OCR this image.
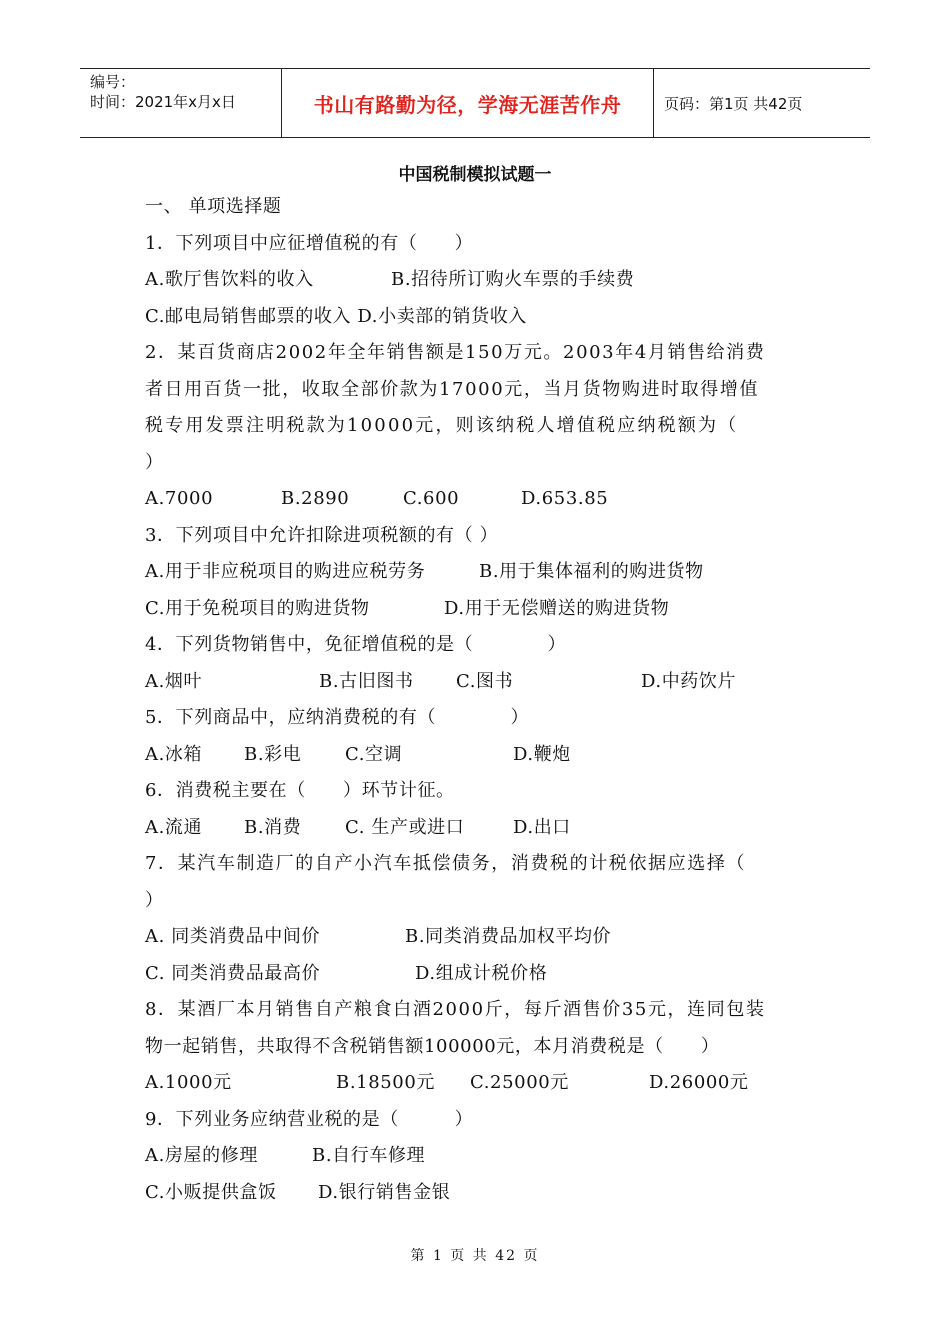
编号：
时间：2021年x月x日	书山有路勤为径，学海无涯苦作舟	页码：第1页 共42页
中国税制模拟试题一
一、 单项选择题
1．下列项目中应征增值税的有（　　）
A.歌厅售饮料的收入	B.招待所订购火车票的手续费
C.邮电局销售邮票的收入 D.小卖部的销货收入
2．某百货商店2002年全年销售额是150万元。2003年4月销售给消费
者日用百货一批，收取全部价款为17000元，当月货物购进时取得增值
税专用发票注明税款为10000元，则该纳税人增值税应纳税额为（
）
A.7000	B.2890	C.600	D.653.85
3．下列项目中允许扣除进项税额的有（ ）
A.用于非应税项目的购进应税劳务	B.用于集体福利的购进货物
C.用于免税项目的购进货物	D.用于无偿赠送的购进货物
4．下列货物销售中，免征增值税的是（　　　　）
A.烟叶	B.古旧图书 C.图书	D.中药饮片
5．下列商品中，应纳消费税的有（　　　　）
A.冰箱 B.彩电 C.空调	D.鞭炮
6．消费税主要在（　　）环节计征。
A.流通 B.消费 C. 生产或进口	D.出口
7．某汽车制造厂的自产小汽车抵偿债务，消费税的计税依据应选择（
）
A. 同类消费品中间价	B.同类消费品加权平均价
C. 同类消费品最高价	D.组成计税价格
8．某酒厂本月销售自产粮食白酒2000斤，每斤酒售价35元，连同包装
物一起销售，共取得不含税销售额100000元，本月消费税是（　　）
A.1000元	B.18500元 C.25000元	D.26000元
9．下列业务应纳营业税的是（　　　）
A.房屋的修理	B.自行车修理
C.小贩提供盒饭 D.银行销售金银
第 1 页 共 42 页
